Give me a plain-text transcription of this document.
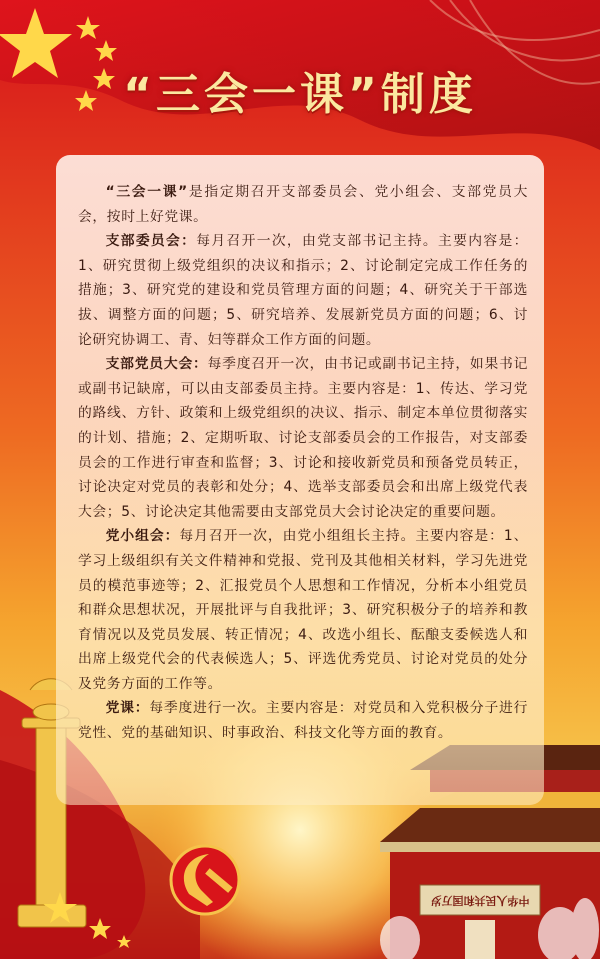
中华人民共和国万岁
“三会一课”制度

“三会一课”是指定期召开支部委员会、党小组会、支部党员大会，按时上好党课。

支部委员会：每月召开一次，由党支部书记主持。主要内容是：1、研究贯彻上级党组织的决议和指示；2、讨论制定完成工作任务的措施；3、研究党的建设和党员管理方面的问题；4、研究关于干部选拔、调整方面的问题；5、研究培养、发展新党员方面的问题；6、讨论研究协调工、青、妇等群众工作方面的问题。

支部党员大会：每季度召开一次，由书记或副书记主持，如果书记或副书记缺席，可以由支部委员主持。主要内容是：1、传达、学习党的路线、方针、政策和上级党组织的决议、指示、制定本单位贯彻落实的计划、措施；2、定期听取、讨论支部委员会的工作报告，对支部委员会的工作进行审查和监督；3、讨论和接收新党员和预备党员转正，讨论决定对党员的表彰和处分；4、选举支部委员会和出席上级党代表大会；5、讨论决定其他需要由支部党员大会讨论决定的重要问题。

党小组会：每月召开一次，由党小组组长主持。主要内容是：1、学习上级组织有关文件精神和党报、党刊及其他相关材料，学习先进党员的模范事迹等；2、汇报党员个人思想和工作情况，分析本小组党员和群众思想状况，开展批评与自我批评；3、研究积极分子的培养和教育情况以及党员发展、转正情况；4、改选小组长、酝酿支委候选人和出席上级党代会的代表候选人；5、评选优秀党员、讨论对党员的处分及党务方面的工作等。

党课：每季度进行一次。主要内容是：对党员和入党积极分子进行党性、党的基础知识、时事政治、科技文化等方面的教育。
